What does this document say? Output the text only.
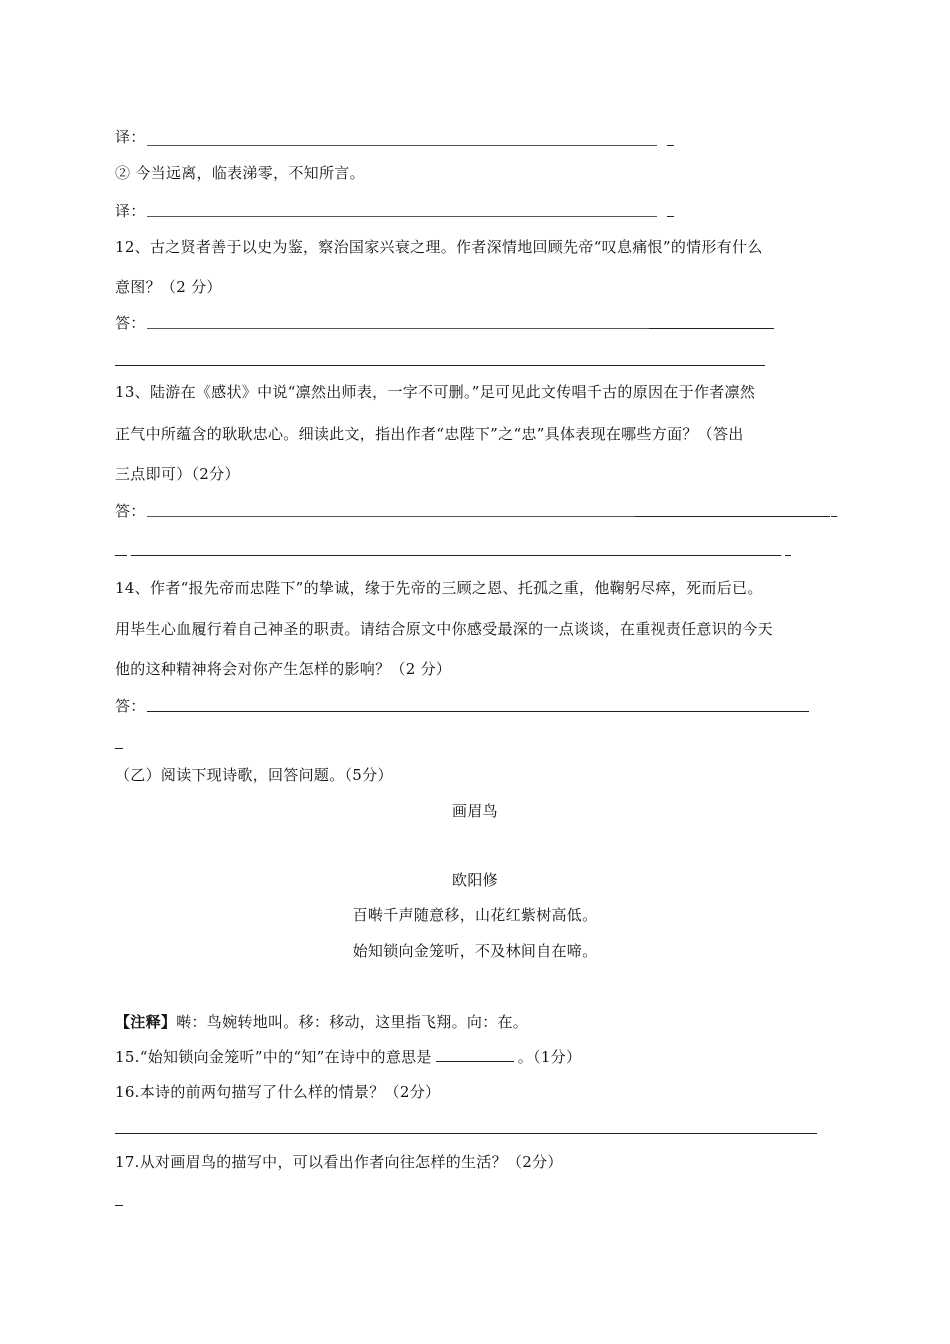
译：
② 今当远离，临表涕零，不知所言。
译：
12、古之贤者善于以史为鉴，察治国家兴衰之理。作者深情地回顾先帝“叹息痛恨”的情形有什么
意图？（2 分）
答：
13、陆游在《感状》中说“凛然出师表，一字不可删。”足可见此文传唱千古的原因在于作者凛然
正气中所蕴含的耿耿忠心。细读此文，指出作者“忠陛下”之“忠”具体表现在哪些方面？（答出
三点即可）（2分）
答：
14、作者“报先帝而忠陛下”的挚诚，缘于先帝的三顾之恩、托孤之重，他鞠躬尽瘁，死而后已。
用毕生心血履行着自己神圣的职责。请结合原文中你感受最深的一点谈谈，在重视责任意识的今天
他的这种精神将会对你产生怎样的影响？（2 分）
答：
（乙）阅读下现诗歌，回答问题。（5分）
画眉鸟
欧阳修
百啭千声随意移，山花红紫树高低。
始知锁向金笼听，不及林间自在啼。
【注释】啭：鸟婉转地叫。移：移动，这里指飞翔。向：在。
15.“始知锁向金笼听”中的“知”在诗中的意思是	。（1分）
16.本诗的前两句描写了什么样的情景？（2分）
17.从对画眉鸟的描写中，可以看出作者向往怎样的生活？（2分）
